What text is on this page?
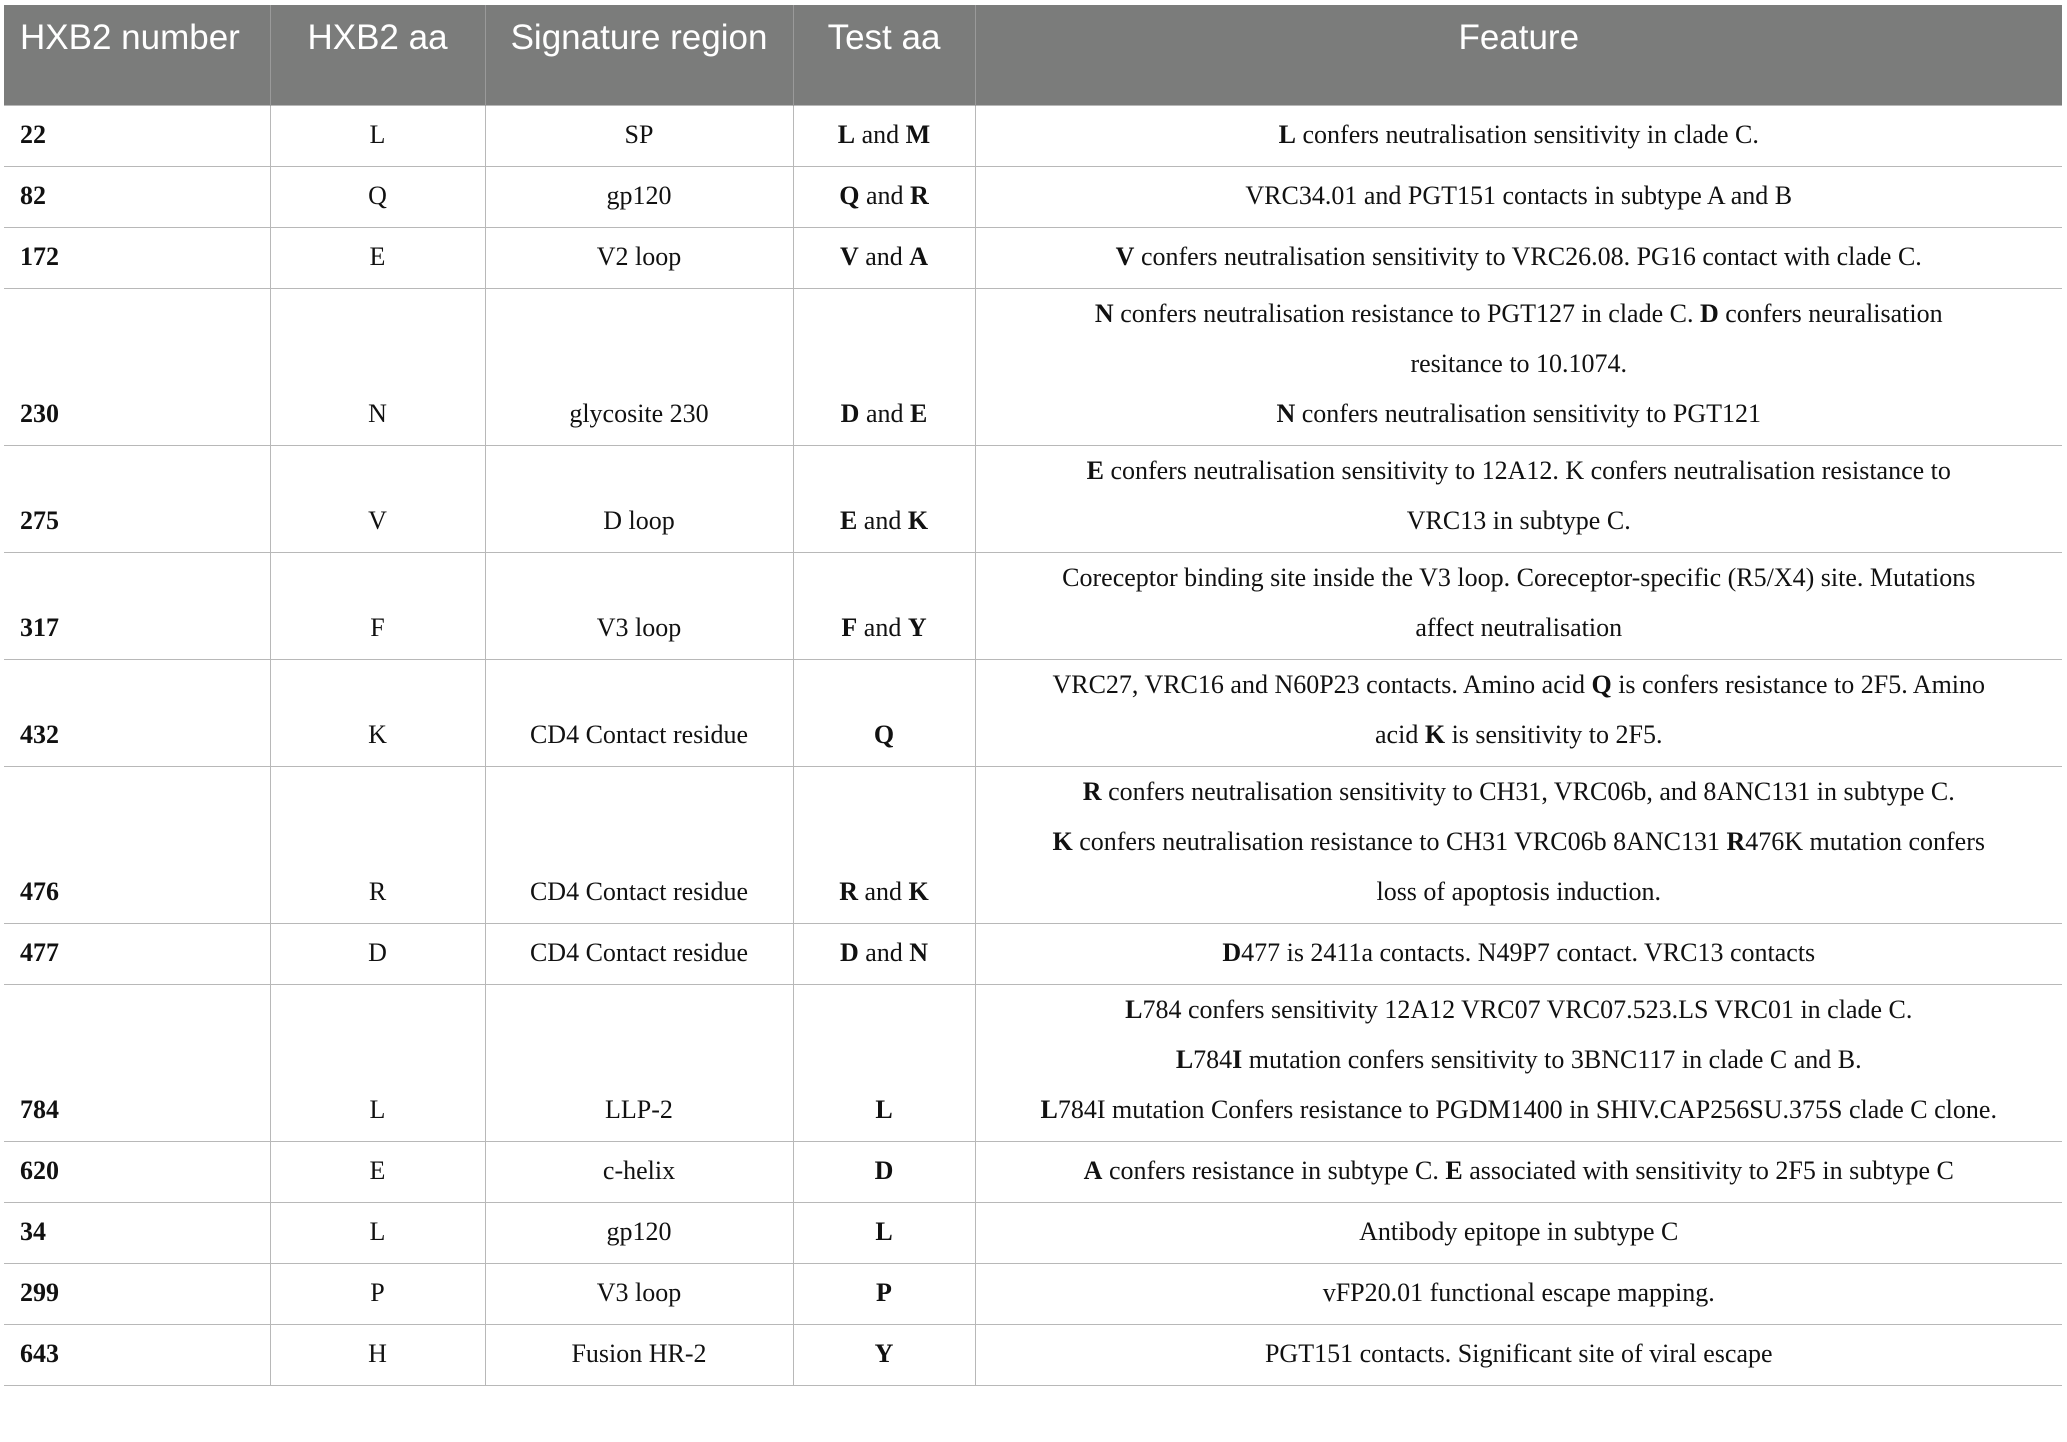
HXB2 number	HXB2 aa	Signature region	Test aa	Feature
22	L	SP	L and M	L confers neutralisation sensitivity in clade C.

82	Q	gp120	Q and R	VRC34.01 and PGT151 contacts in subtype A and B

172	E	V2 loop	V and A	V confers neutralisation sensitivity to VRC26.08. PG16 contact with clade C.

230	N	glycosite 230	D and E	N confers neutralisation resistance to PGT127 in clade C. D confers neuralisation
resitance to 10.1074.
N confers neutralisation sensitivity to PGT121

275	V	D loop	E and K	E confers neutralisation sensitivity to 12A12. K confers neutralisation resistance to
VRC13 in subtype C.

317	F	V3 loop	F and Y	Coreceptor binding site inside the V3 loop. Coreceptor-specific (R5/X4) site. Mutations
affect neutralisation

432	K	CD4 Contact residue	Q	VRC27, VRC16 and N60P23 contacts. Amino acid Q is confers resistance to 2F5. Amino
acid K is sensitivity to 2F5.

476	R	CD4 Contact residue	R and K	R confers neutralisation sensitivity to CH31, VRC06b, and 8ANC131 in subtype C.
K confers neutralisation resistance to CH31 VRC06b 8ANC131 R476K mutation confers
loss of apoptosis induction.

477	D	CD4 Contact residue	D and N	D477 is 2411a contacts. N49P7 contact. VRC13 contacts

784	L	LLP-2	L	L784 confers sensitivity 12A12 VRC07 VRC07.523.LS VRC01 in clade C.
L784I mutation confers sensitivity to 3BNC117 in clade C and B.
L784I mutation Confers resistance to PGDM1400 in SHIV.CAP256SU.375S clade C clone.

620	E	c-helix	D	A confers resistance in subtype C. E associated with sensitivity to 2F5 in subtype C

34	L	gp120	L	Antibody epitope in subtype C

299	P	V3 loop	P	vFP20.01 functional escape mapping.

643	H	Fusion HR-2	Y	PGT151 contacts. Significant site of viral escape
